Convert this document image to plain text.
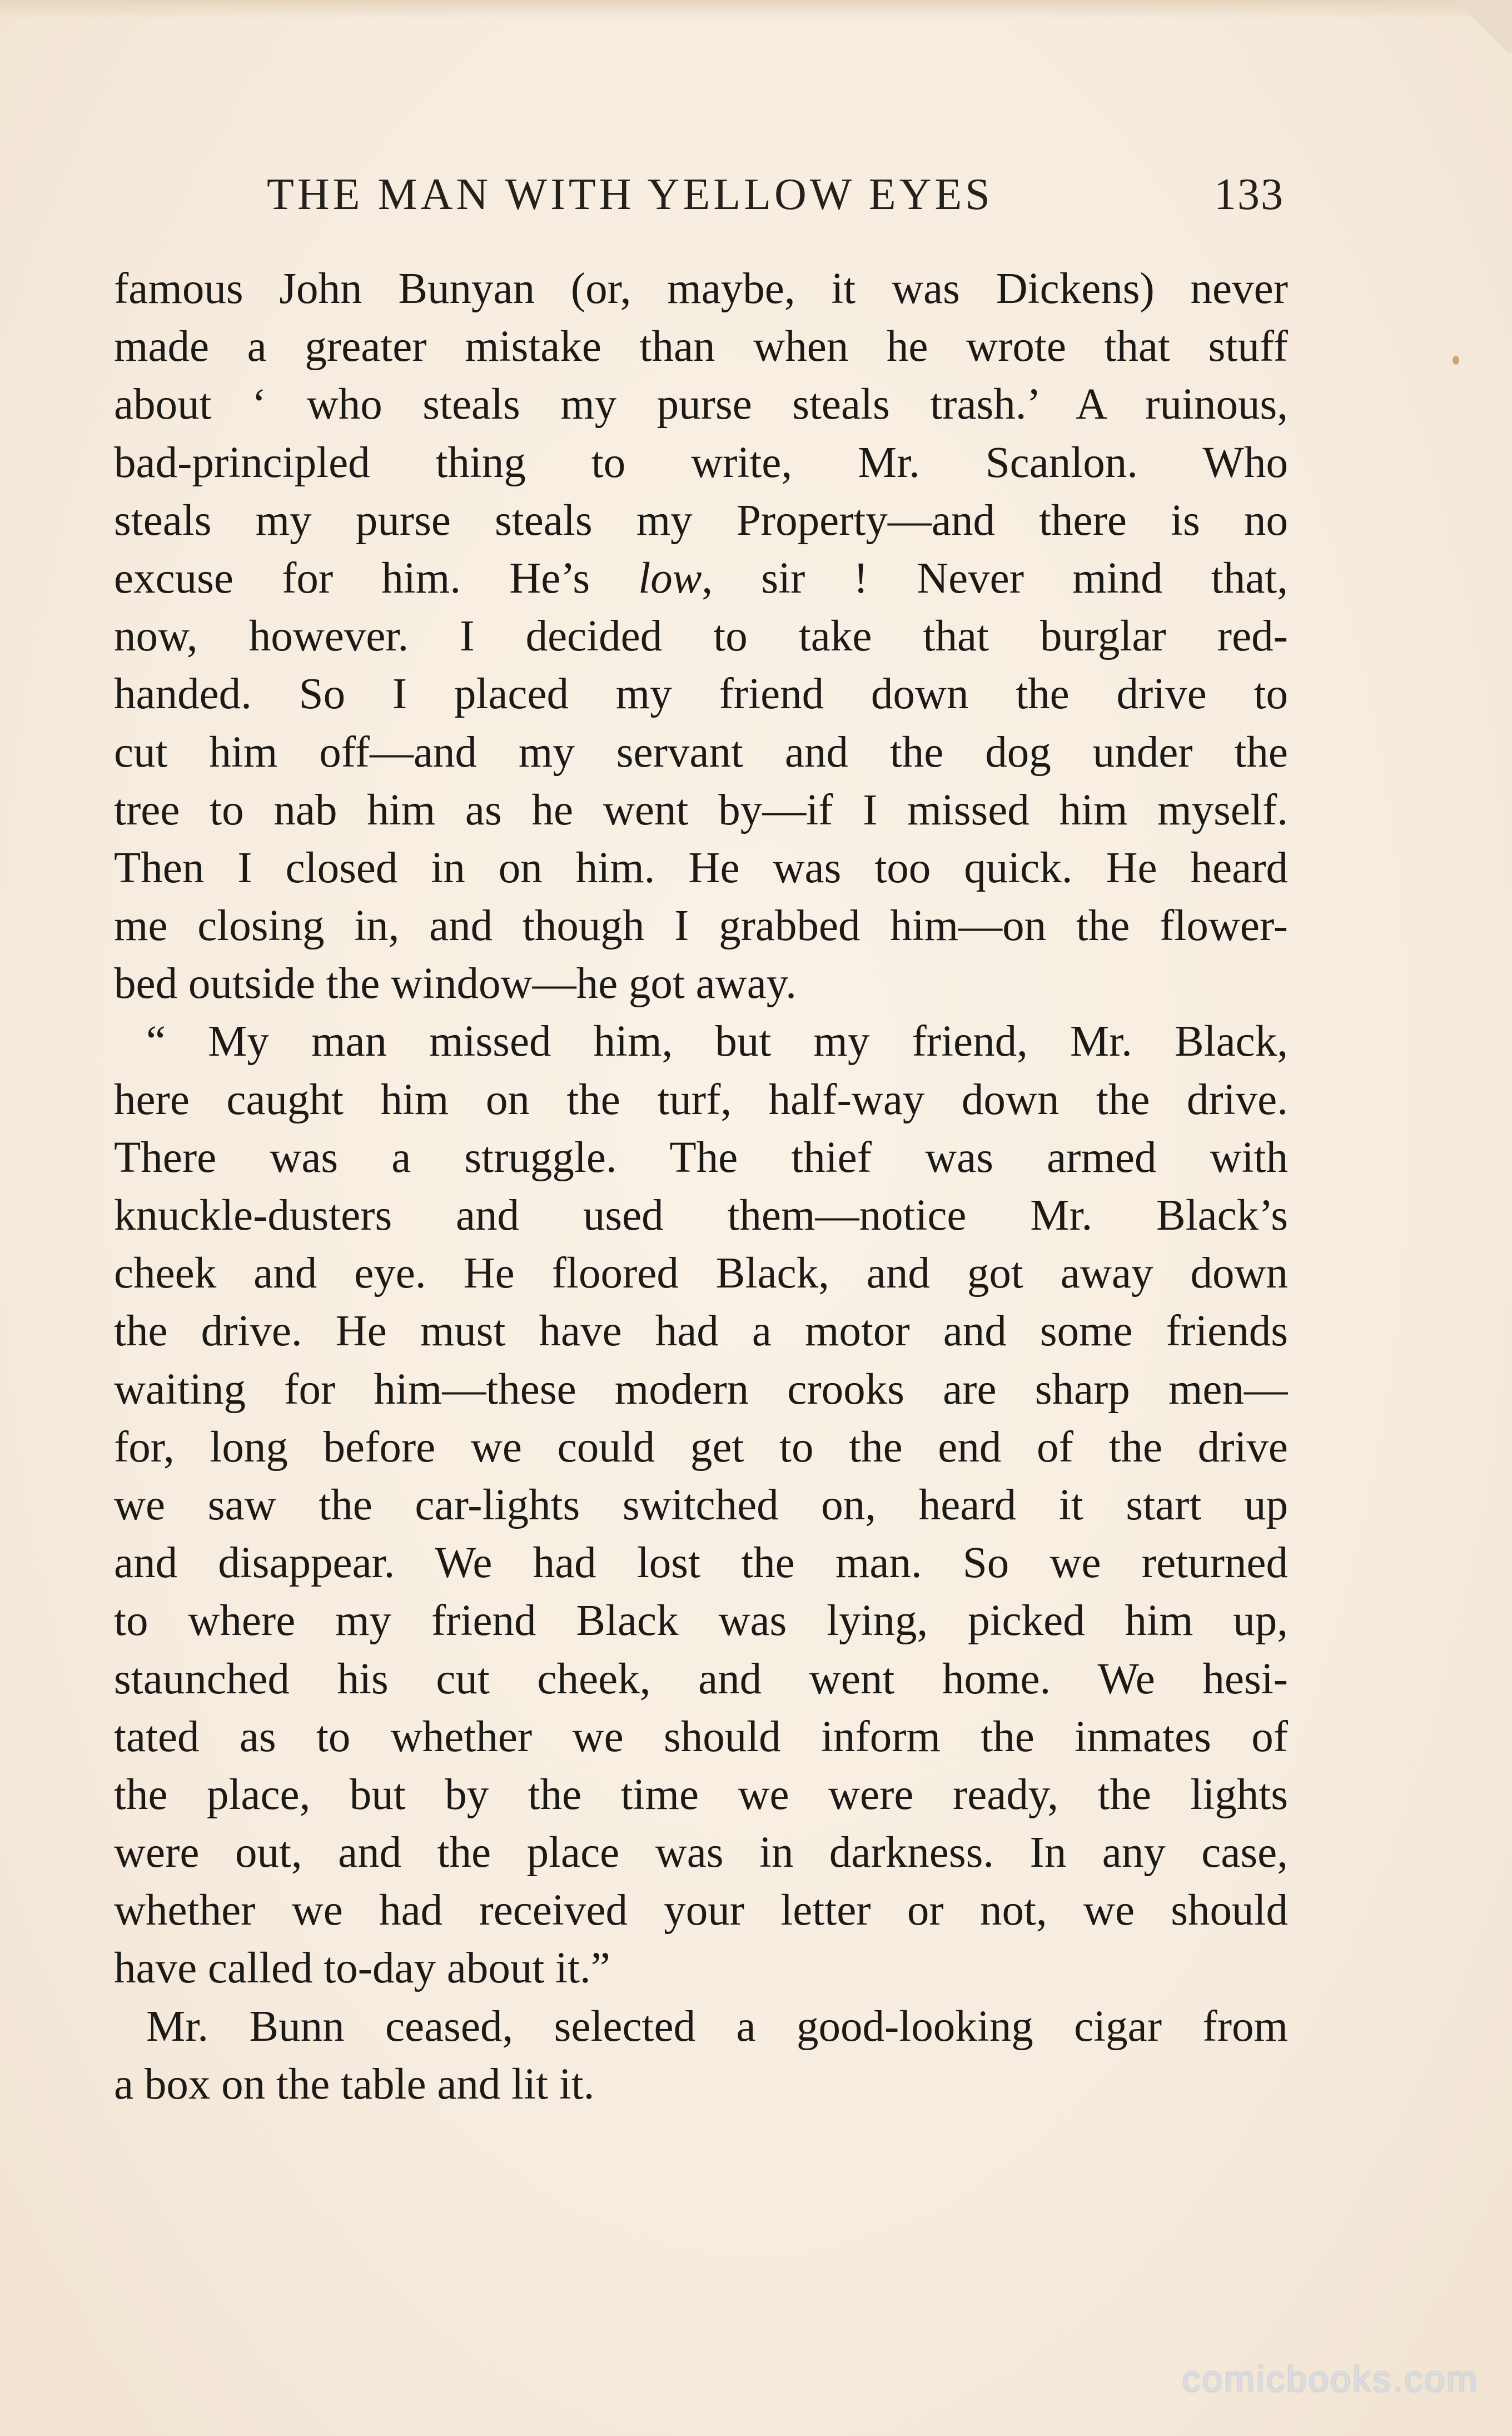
THE MAN WITH YELLOW EYES	133
famous John Bunyan (or, maybe, it was Dickens) never
made a greater mistake than when he wrote that stuff
about ‘ who steals my purse steals trash.’ A ruinous,
bad-principled thing to write, Mr. Scanlon. Who
steals my purse steals my Property—and there is no
excuse for him. He’s low, sir ! Never mind that,
now, however. I decided to take that burglar red-
handed. So I placed my friend down the drive to
cut him off—and my servant and the dog under the
tree to nab him as he went by—if I missed him myself.
Then I closed in on him. He was too quick. He heard
me closing in, and though I grabbed him—on the flower-
bed outside the window—he got away.
“ My man missed him, but my friend, Mr. Black,
here caught him on the turf, half-way down the drive.
There was a struggle. The thief was armed with
knuckle-dusters and used them—notice Mr. Black’s
cheek and eye. He floored Black, and got away down
the drive. He must have had a motor and some friends
waiting for him—these modern crooks are sharp men—
for, long before we could get to the end of the drive
we saw the car-lights switched on, heard it start up
and disappear. We had lost the man. So we returned
to where my friend Black was lying, picked him up,
staunched his cut cheek, and went home. We hesi-
tated as to whether we should inform the inmates of
the place, but by the time we were ready, the lights
were out, and the place was in darkness. In any case,
whether we had received your letter or not, we should
have called to-day about it.”
Mr. Bunn ceased, selected a good-looking cigar from
a box on the table and lit it.
comicbooks.com
